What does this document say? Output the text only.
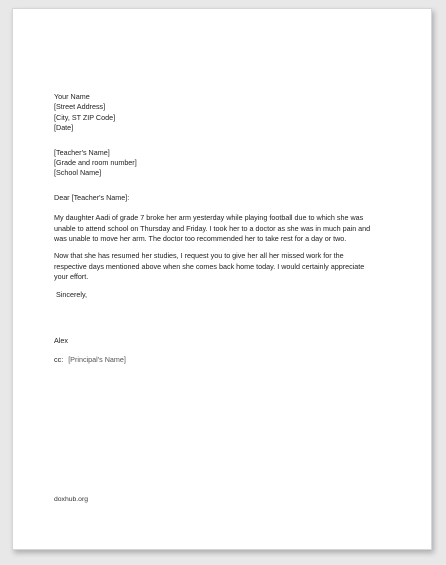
Your Name
[Street Address]
[City, ST ZIP Code]
[Date]
[Teacher's Name]
[Grade and room number]
[School Name]

Dear [Teacher's Name]:

My daughter Aadi of grade 7 broke her arm yesterday while playing football due to which she was unable to attend school on Thursday and Friday. I took her to a doctor as she was in much pain and was unable to move her arm. The doctor too recommended her to take rest for a day or two.

Now that she has resumed her studies, I request you to give her all her missed work for the respective days mentioned above when she comes back home today. I would certainly appreciate your effort.

Sincerely,
Alex
cc: [Principal's Name]
doxhub.org
